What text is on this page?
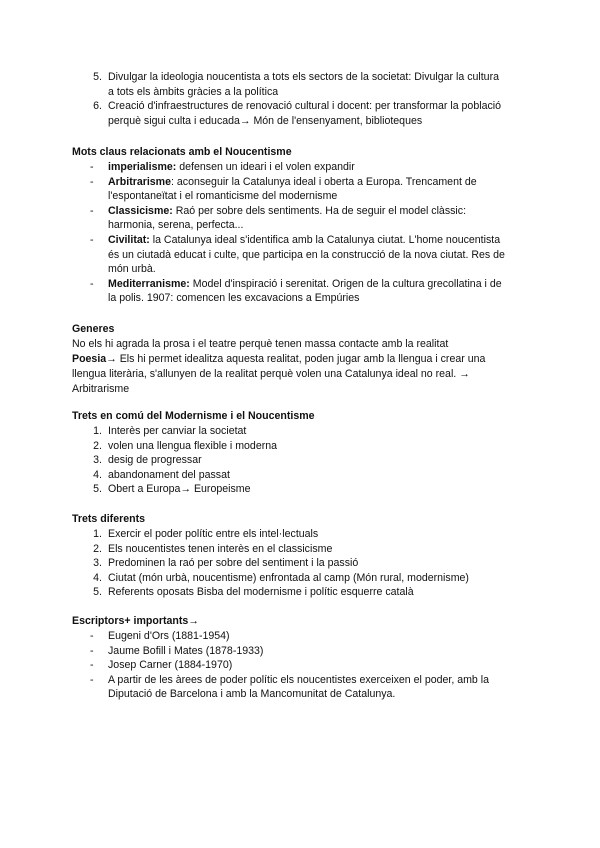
5. Divulgar la ideologia noucentista a tots els sectors de la societat: Divulgar la cultura
a tots els àmbits gràcies a la política
6. Creació d'infraestructures de renovació cultural i docent: per transformar la població
perquè sigui culta i educada→ Món de l'ensenyament, biblioteques
Mots claus relacionats amb el Noucentisme
-	imperialisme: defensen un ideari i el volen expandir
-	Arbitrarisme: aconseguir la Catalunya ideal i oberta a Europa. Trencament de
l'espontaneïtat i el romanticisme del modernisme
-	Classicisme: Raó per sobre dels sentiments. Ha de seguir el model clàssic:
harmonia, serena, perfecta...
-	Civilitat: la Catalunya ideal s'identifica amb la Catalunya ciutat. L'home noucentista
és un ciutadà educat i culte, que participa en la construcció de la nova ciutat. Res de
món urbà.
-	Mediterranisme: Model d'inspiració i serenitat. Origen de la cultura grecollatina i de
la polis. 1907: comencen les excavacions a Empúries
Generes
No els hi agrada la prosa i el teatre perquè tenen massa contacte amb la realitat
Poesia→ Els hi permet idealitza aquesta realitat, poden jugar amb la llengua i crear una
llengua literària, s'allunyen de la realitat perquè volen una Catalunya ideal no real. →
Arbitrarisme
Trets en comú del Modernisme i el Noucentisme
1. Interès per canviar la societat
2. volen una llengua flexible i moderna
3. desig de progressar
4. abandonament del passat
5. Obert a Europa→ Europeisme
Trets diferents
1. Exercir el poder polític entre els intel·lectuals
2. Els noucentistes tenen interès en el classicisme
3. Predominen la raó per sobre del sentiment i la passió
4. Ciutat (món urbà, noucentisme) enfrontada al camp (Món rural, modernisme)
5. Referents oposats Bisba del modernisme i polític esquerre català
Escriptors+ importants→
-	Eugeni d'Ors (1881-1954)
-	Jaume Bofill i Mates (1878-1933)
-	Josep Carner (1884-1970)
-	A partir de les àrees de poder polític els noucentistes exerceixen el poder, amb la
Diputació de Barcelona i amb la Mancomunitat de Catalunya.
